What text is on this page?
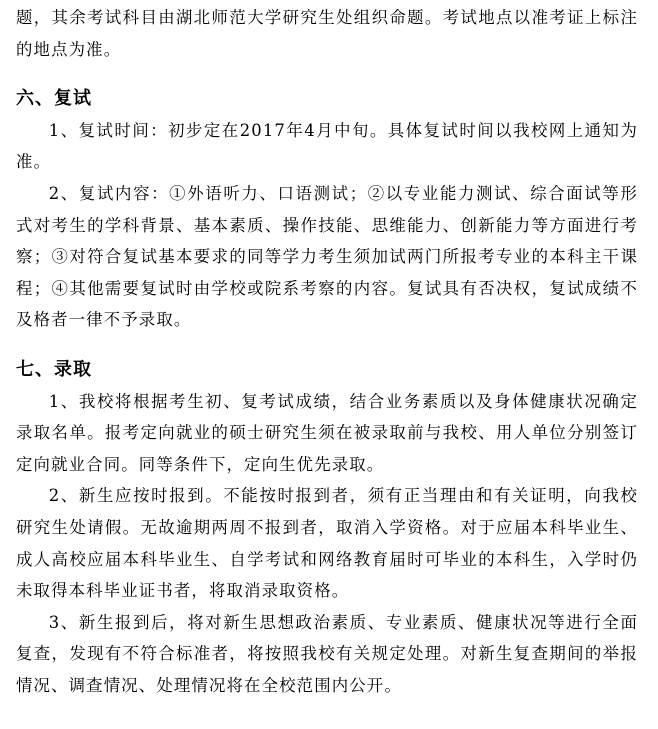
题，其余考试科目由湖北师范大学研究生处组织命题。考试地点以准考证上标注的地点为准。

六、复试

1、复试时间：初步定在2017年4月中旬。具体复试时间以我校网上通知为准。

2、复试内容：①外语听力、口语测试；②以专业能力测试、综合面试等形式对考生的学科背景、基本素质、操作技能、思维能力、创新能力等方面进行考察；③对符合复试基本要求的同等学力考生须加试两门所报考专业的本科主干课程；④其他需要复试时由学校或院系考察的内容。复试具有否决权，复试成绩不及格者一律不予录取。

七、录取

1、我校将根据考生初、复考试成绩，结合业务素质以及身体健康状况确定录取名单。报考定向就业的硕士研究生须在被录取前与我校、用人单位分别签订定向就业合同。同等条件下，定向生优先录取。

2、新生应按时报到。不能按时报到者，须有正当理由和有关证明，向我校研究生处请假。无故逾期两周不报到者，取消入学资格。对于应届本科毕业生、成人高校应届本科毕业生、自学考试和网络教育届时可毕业的本科生，入学时仍未取得本科毕业证书者，将取消录取资格。

3、新生报到后，将对新生思想政治素质、专业素质、健康状况等进行全面复查，发现有不符合标准者，将按照我校有关规定处理。对新生复查期间的举报情况、调查情况、处理情况将在全校范围内公开。
